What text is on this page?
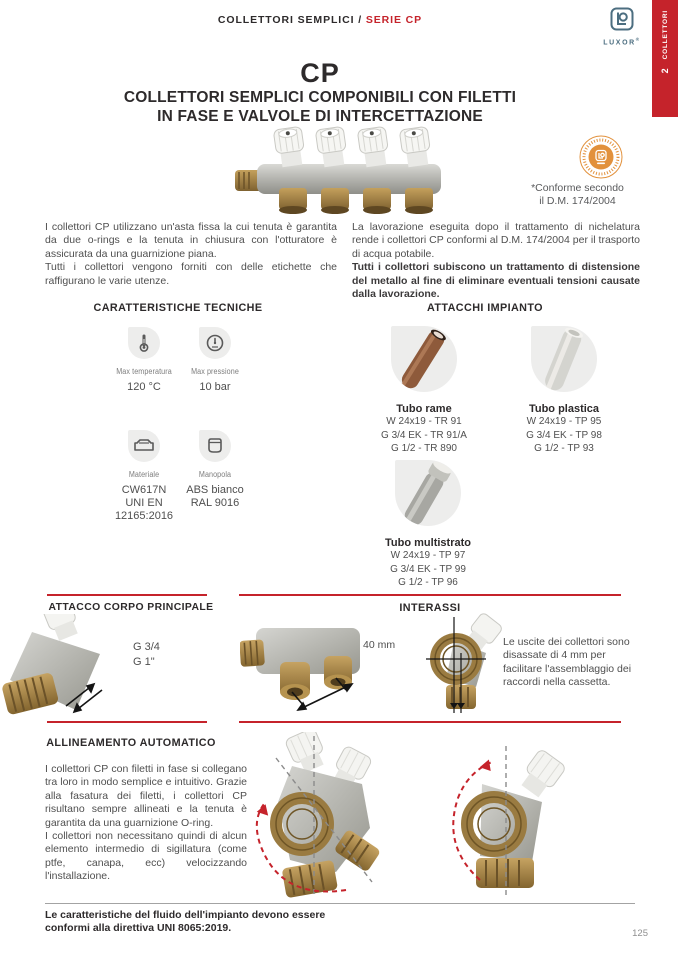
COLLETTORI SEMPLICI / SERIE CP
LUXOR®
2
COLLETTORI
CP
COLLETTORI SEMPLICI COMPONIBILI CON FILETTI
IN FASE E VALVOLE DI INTERCETTAZIONE
*Conforme secondo
il D.M. 174/2004

I collettori CP utilizzano un'asta fissa la cui tenuta è garantita da due o-rings e la tenuta in chiusura con l'otturatore è assicurata da una guarnizione piana.

Tutti i collettori vengono forniti con delle etichette che raffigurano le varie utenze.

La lavorazione eseguita dopo il trattamento di nichelatura rende i collettori CP conformi al D.M. 174/2004 per il trasporto di acqua potabile.

Tutti i collettori subiscono un trattamento di distensione del metallo al fine di eliminare eventuali tensioni causate dalla lavorazione.

CARATTERISTICHE TECNICHE	ATTACCHI IMPIANTO
Max temperatura
120 °C
Max pressione
10 bar
Materiale
CW617N
UNI EN
12165:2016
Manopola
ABS bianco
RAL 9016
Tubo rame
W 24x19 - TR 91
G 3/4 EK - TR 91/A
G 1/2 - TR 890
Tubo plastica
W 24x19 - TP 95
G 3/4 EK - TP 98
G 1/2 - TP 93
Tubo multistrato
W 24x19 - TP 97
G 3/4 EK - TP 99
G 1/2 - TP 96
ATTACCO CORPO PRINCIPALE
G 3/4
G 1"
40 mm
INTERASSI
Le uscite dei collettori sono disassate di 4 mm per facilitare l'assemblaggio dei raccordi nella cassetta.
ALLINEAMENTO AUTOMATICO

I collettori CP con filetti in fase si collegano tra loro in modo semplice e intuitivo. Grazie alla fasatura dei filetti, i collettori CP risultano sempre allineati e la tenuta è garantita da una guarnizione O-ring.

I collettori non necessitano quindi di alcun elemento intermedio di sigillatura (come ptfe, canapa, ecc) velocizzando l'installazione.

Le caratteristiche del fluido dell'impianto devono essere
conformi alla direttiva UNI 8065:2019.	125
